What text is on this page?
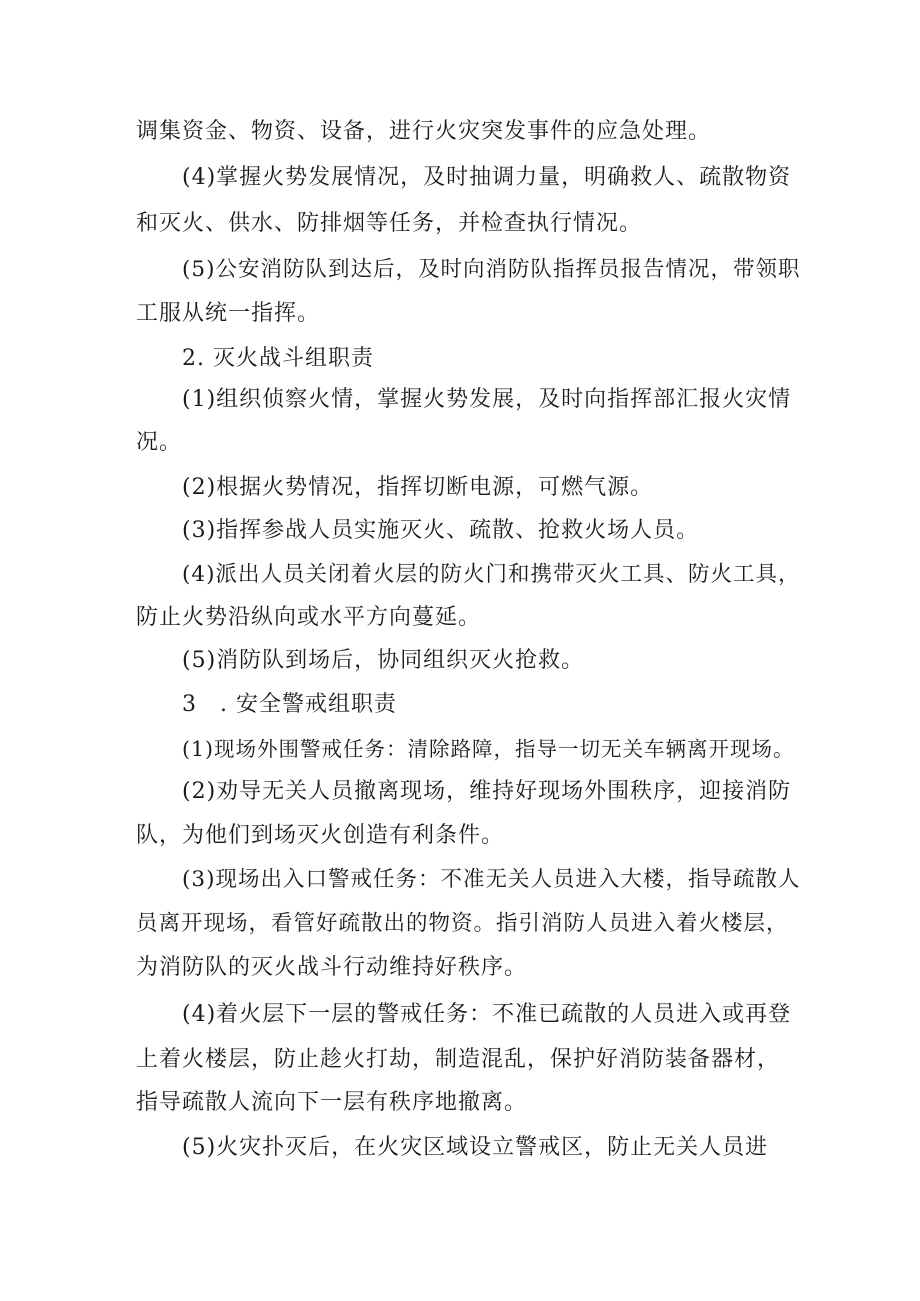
调集资金、物资、设备，进行火灾突发事件的应急处理。
(4)掌握火势发展情况，及时抽调力量，明确救人、疏散物资
和灭火、供水、防排烟等任务，并检查执行情况。
(5)公安消防队到达后，及时向消防队指挥员报告情况，带领职
工服从统一指挥。
2. 灭火战斗组职责
(1)组织侦察火情，掌握火势发展，及时向指挥部汇报火灾情
况。
(2)根据火势情况，指挥切断电源，可燃气源。
(3)指挥参战人员实施灭火、疏散、抢救火场人员。
(4)派出人员关闭着火层的防火门和携带灭火工具、防火工具，
防止火势沿纵向或水平方向蔓延。
(5)消防队到场后，协同组织灭火抢救。
3　. 安全警戒组职责
(1)现场外围警戒任务：清除路障，指导一切无关车辆离开现场。
(2)劝导无关人员撤离现场，维持好现场外围秩序，迎接消防
队，为他们到场灭火创造有利条件。
(3)现场出入口警戒任务：不准无关人员进入大楼，指导疏散人
员离开现场，看管好疏散出的物资。指引消防人员进入着火楼层，
为消防队的灭火战斗行动维持好秩序。
(4)着火层下一层的警戒任务：不准已疏散的人员进入或再登
上着火楼层，防止趁火打劫，制造混乱，保护好消防装备器材，
指导疏散人流向下一层有秩序地撤离。
(5)火灾扑灭后，在火灾区域设立警戒区，防止无关人员进
